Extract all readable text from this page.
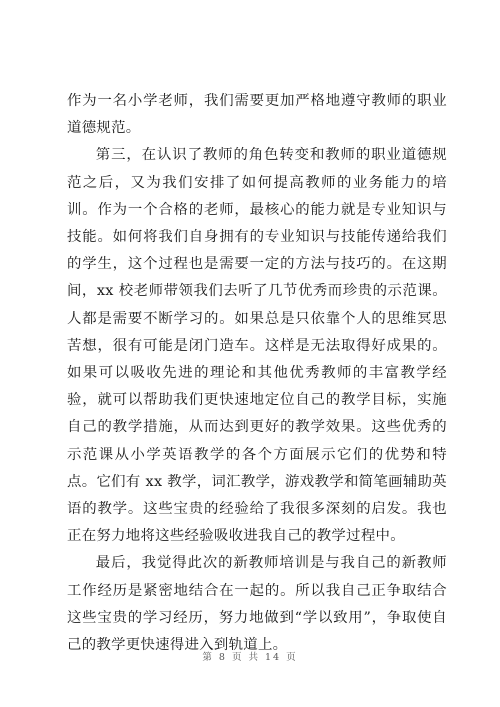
作为一名小学老师，我们需要更加严格地遵守教师的职业道德规范。

第三，在认识了教师的角色转变和教师的职业道德规范之后，又为我们安排了如何提高教师的业务能力的培训。作为一个合格的老师，最核心的能力就是专业知识与技能。如何将我们自身拥有的专业知识与技能传递给我们的学生，这个过程也是需要一定的方法与技巧的。在这期间，xx 校老师带领我们去听了几节优秀而珍贵的示范课。人都是需要不断学习的。如果总是只依靠个人的思维冥思苦想，很有可能是闭门造车。这样是无法取得好成果的。如果可以吸收先进的理论和其他优秀教师的丰富教学经验，就可以帮助我们更快速地定位自己的教学目标，实施自己的教学措施，从而达到更好的教学效果。这些优秀的示范课从小学英语教学的各个方面展示它们的优势和特点。它们有 xx 教学，词汇教学，游戏教学和简笔画辅助英语的教学。这些宝贵的经验给了我很多深刻的启发。我也正在努力地将这些经验吸收进我自己的教学过程中。

最后，我觉得此次的新教师培训是与我自己的新教师工作经历是紧密地结合在一起的。所以我自己正争取结合这些宝贵的学习经历，努力地做到“学以致用”，争取使自己的教学更快速得进入到轨道上。

第 8 页 共 14 页
